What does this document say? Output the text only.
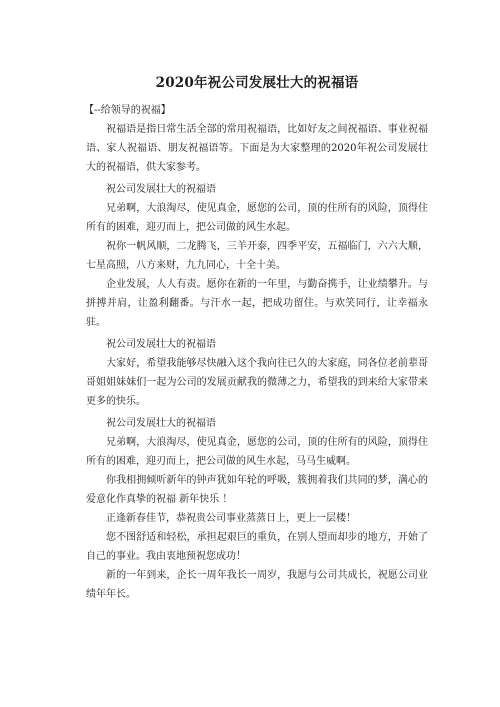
2020年祝公司发展壮大的祝福语
【--给领导的祝福】

祝福语是指日常生活全部的常用祝福语，比如好友之间祝福语、事业祝福语、家人祝福语、朋友祝福语等。下面是为大家整理的2020年祝公司发展壮大的祝福语，供大家参考。

祝公司发展壮大的祝福语

兄弟啊，大浪淘尽，使见真金，愿您的公司，顶的住所有的风险，顶得住所有的困难，迎刃而上，把公司做的风生水起。

祝你一帆风顺，二龙腾飞，三羊开泰，四季平安，五福临门，六六大顺，七星高照，八方来财，九九同心，十全十美。

企业发展，人人有责。愿你在新的一年里，与勤奋携手，让业绩攀升。与拼搏并肩，让盈利翻番。与汗水一起，把成功留住。与欢笑同行，让幸福永驻。

祝公司发展壮大的祝福语

大家好，希望我能够尽快融入这个我向往已久的大家庭，同各位老前辈哥哥姐姐妹妹们一起为公司的发展贡献我的微薄之力，希望我的到来给大家带来更多的快乐。

祝公司发展壮大的祝福语

兄弟啊，大浪淘尽，使见真金，愿您的公司，顶的住所有的风险，顶得住所有的困难，迎刃而上，把公司做的风生水起，马马生威啊。

你我相拥倾听新年的钟声犹如年轮的呼吸，簇拥着我们共同的梦，满心的爱意化作真挚的祝福 新年快乐 ！

正逢新春佳节，恭祝贵公司事业蒸蒸日上，更上一层楼！

您不图舒适和轻松，承担起艰巨的重负，在别人望而却步的地方，开始了自己的事业。我由衷地预祝您成功！

新的一年到来，企长一周年我长一周岁，我愿与公司共成长，祝愿公司业绩年年长。
